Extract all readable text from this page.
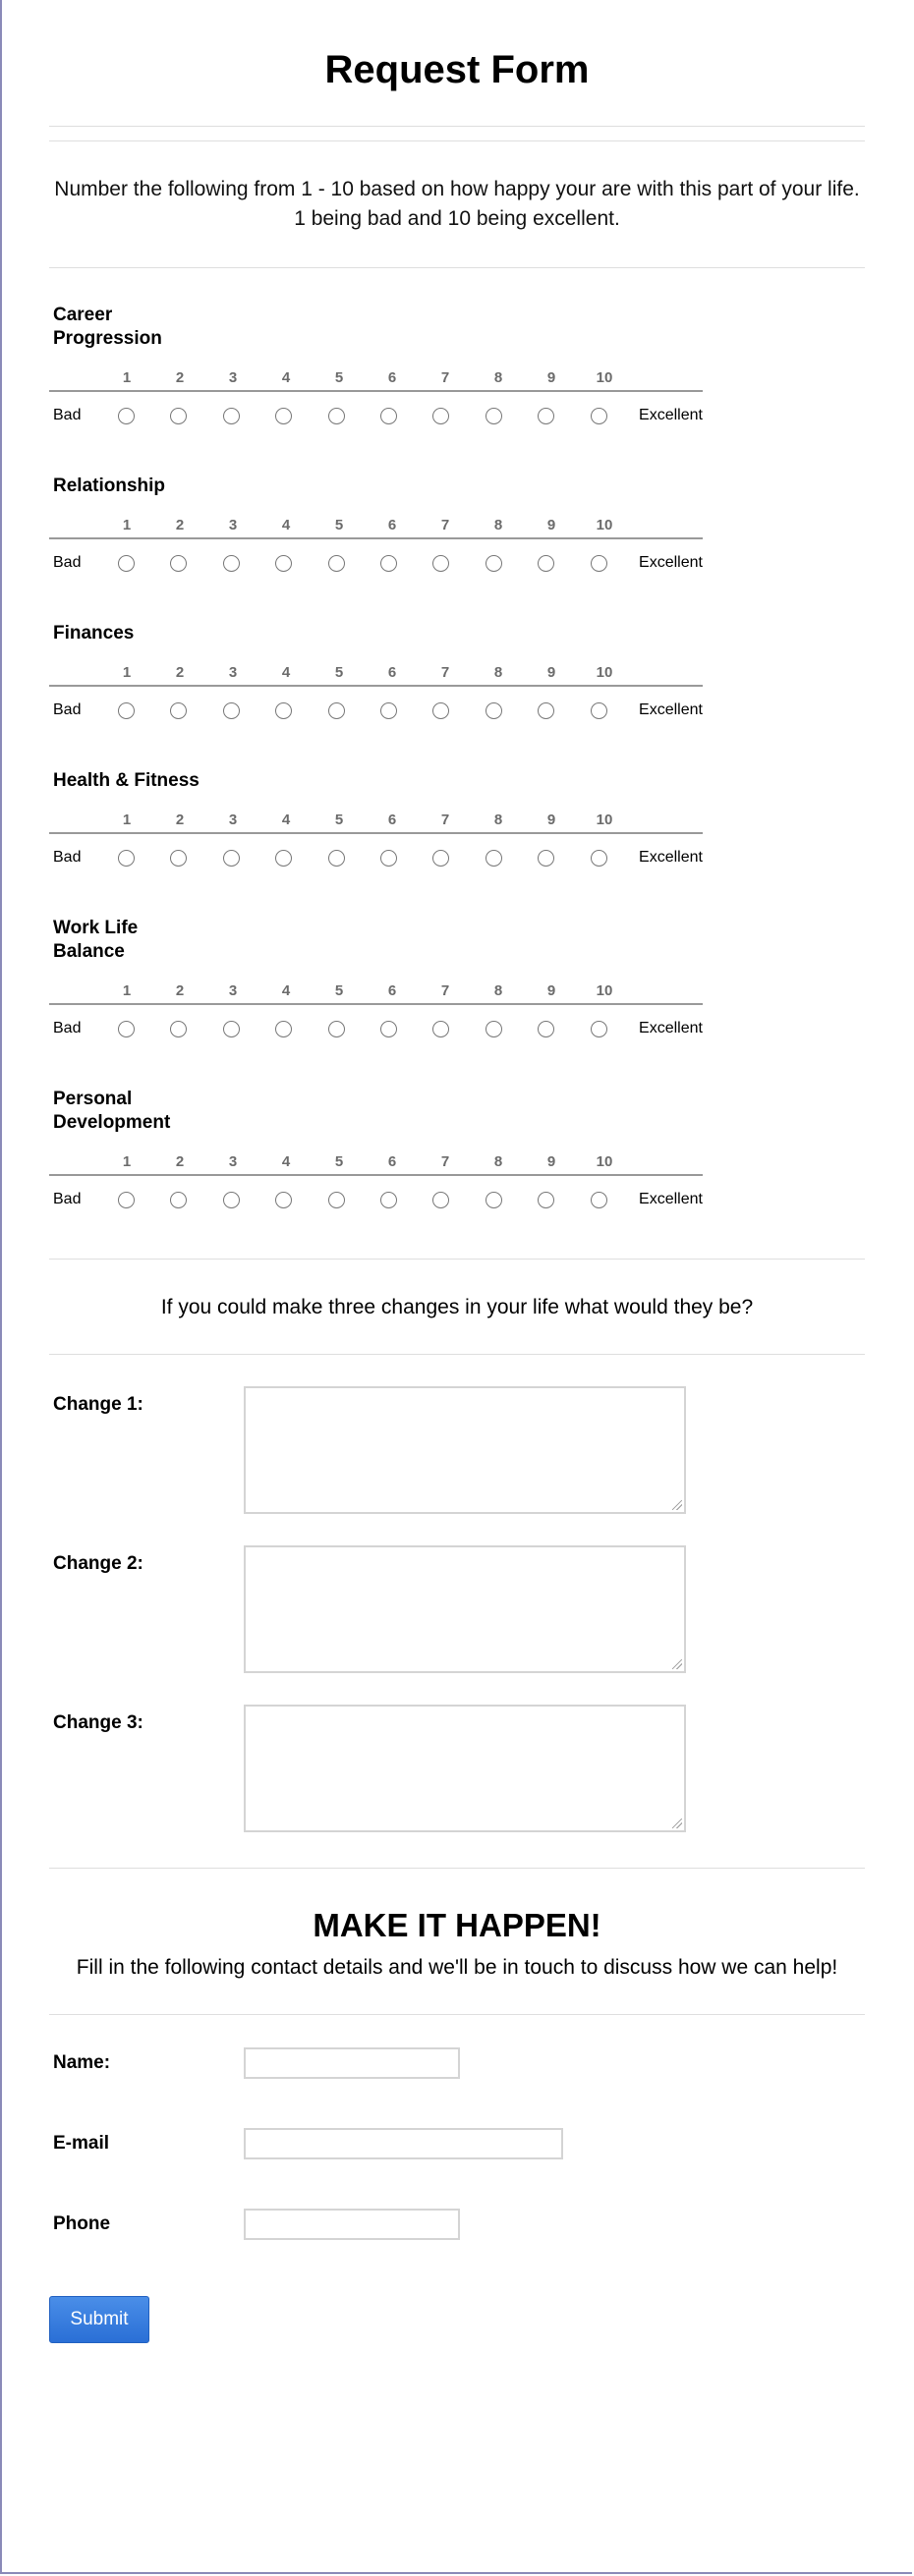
Request Form
Number the following from 1 - 10 based on how happy your are with this part of your life. 1 being bad and 10 being excellent.
Career Progression
1	2	3	4	5	6	7	8	9	10
Bad	Excellent
Relationship
1	2	3	4	5	6	7	8	9	10
Bad	Excellent
Finances
1	2	3	4	5	6	7	8	9	10
Bad	Excellent
Health & Fitness
1	2	3	4	5	6	7	8	9	10
Bad	Excellent
Work Life Balance
1	2	3	4	5	6	7	8	9	10
Bad	Excellent
Personal Development
1	2	3	4	5	6	7	8	9	10
Bad	Excellent
If you could make three changes in your life what would they be?
Change 1:
Change 2:
Change 3:
MAKE IT HAPPEN!
Fill in the following contact details and we'll be in touch to discuss how we can help!
Name:
E-mail
Phone
Submit
